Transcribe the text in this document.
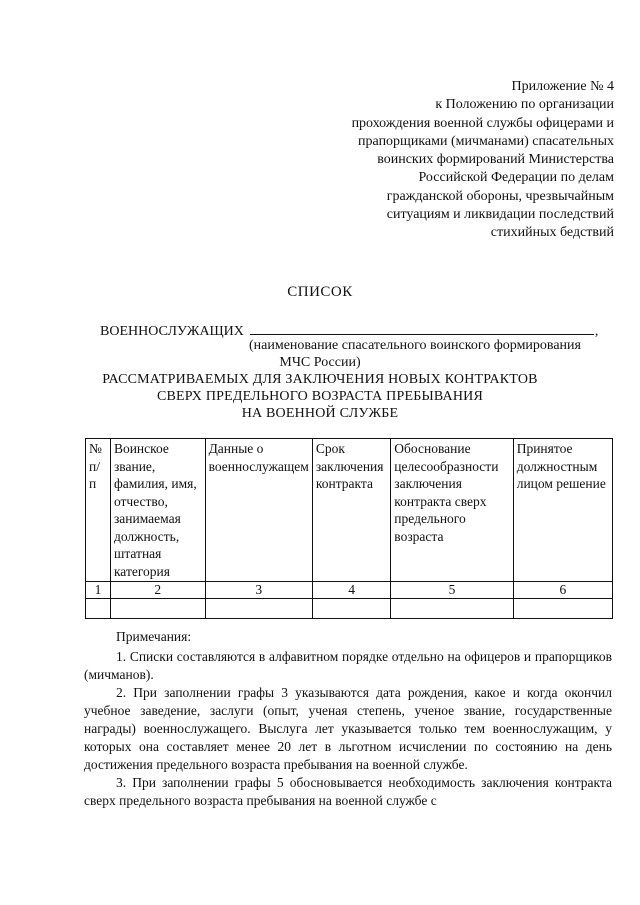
Приложение № 4
к Положению по организации
прохождения военной службы офицерами и
прапорщиками (мичманами) спасательных
воинских формирований Министерства
Российской Федерации по делам
гражданской обороны, чрезвычайным
ситуациям и ликвидации последствий
стихийных бедствий
СПИСОК
ВОЕННОСЛУЖАЩИХ	,
(наименование спасательного воинского формирования
МЧС России)
РАССМАТРИВАЕМЫХ ДЛЯ ЗАКЛЮЧЕНИЯ НОВЫХ КОНТРАКТОВ
СВЕРХ ПРЕДЕЛЬНОГО ВОЗРАСТА ПРЕБЫВАНИЯ
НА ВОЕННОЙ СЛУЖБЕ
№ п/п	Воинское звание, фамилия, имя, отчество, занимаемая должность, штатная категория	Данные о военнослужащем	Срок заключения контракта	Обоснование целесообразности заключения контракта сверх предельного возраста	Принятое должностным лицом решение
1	2	3	4	5	6

Примечания:

1. Списки составляются в алфавитном порядке отдельно на офицеров и прапорщиков (мичманов).

2. При заполнении графы 3 указываются дата рождения, какое и когда окончил учебное заведение, заслуги (опыт, ученая степень, ученое звание, государственные награды) военнослужащего. Выслуга лет указывается только тем военнослужащим, у которых она составляет менее 20 лет в льготном исчислении по состоянию на день достижения предельного возраста пребывания на военной службе.

3. При заполнении графы 5 обосновывается необходимость заключения контракта сверх предельного возраста пребывания на военной службе с
